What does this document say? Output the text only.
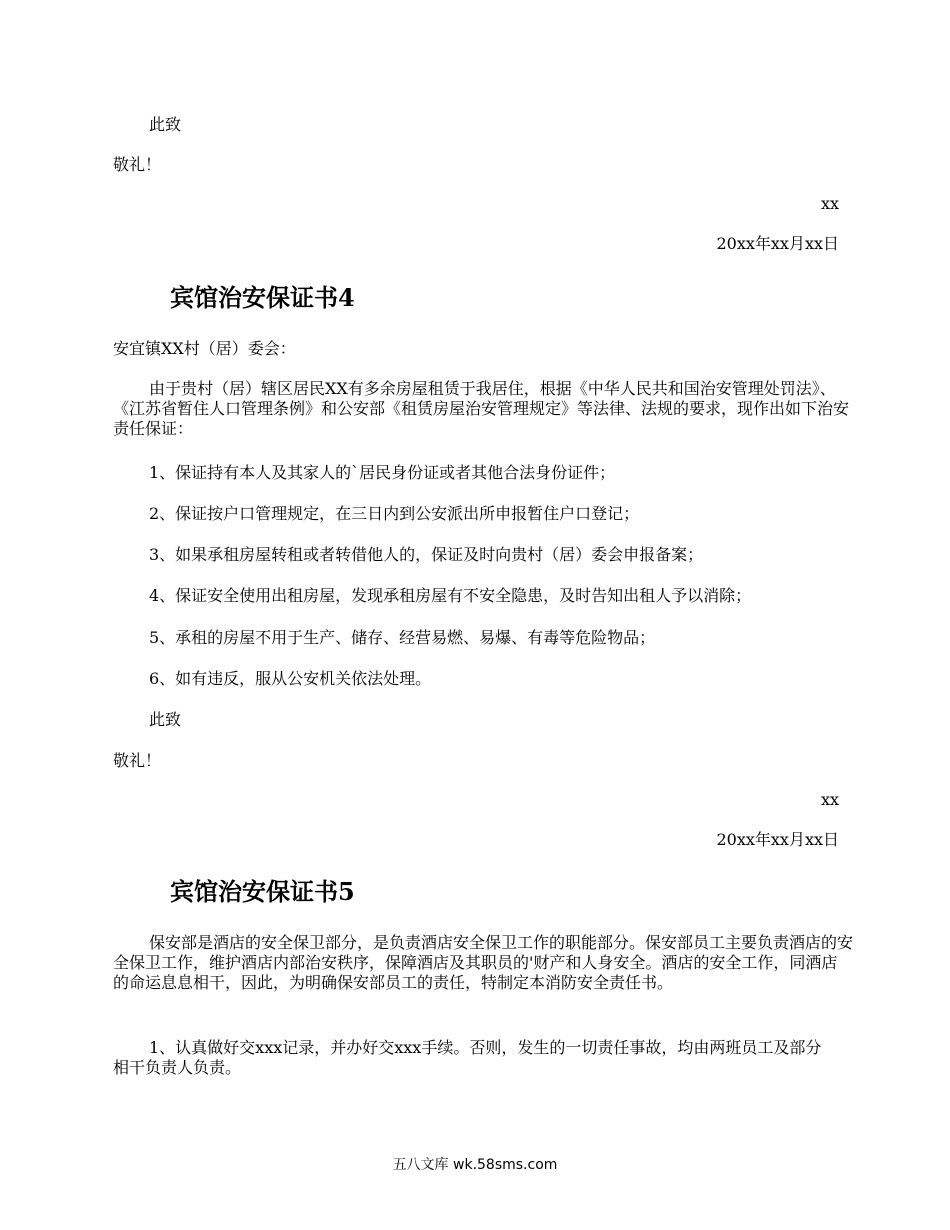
此致
敬礼！
xx
20xx年xx月xx日
宾馆治安保证书4
安宜镇XX村（居）委会：
由于贵村（居）辖区居民XX有多余房屋租赁于我居住，根据《中华人民共和国治安管理处罚法》、《江苏省暂住人口管理条例》和公安部《租赁房屋治安管理规定》等法律、法规的要求，现作出如下治安责任保证：
1、保证持有本人及其家人的`居民身份证或者其他合法身份证件；
2、保证按户口管理规定，在三日内到公安派出所申报暂住户口登记；
3、如果承租房屋转租或者转借他人的，保证及时向贵村（居）委会申报备案；
4、保证安全使用出租房屋，发现承租房屋有不安全隐患，及时告知出租人予以消除；
5、承租的房屋不用于生产、储存、经营易燃、易爆、有毒等危险物品；
6、如有违反，服从公安机关依法处理。
此致
敬礼！
xx
20xx年xx月xx日
宾馆治安保证书5
保安部是酒店的安全保卫部分，是负责酒店安全保卫工作的职能部分。保安部员工主要负责酒店的安全保卫工作，维护酒店内部治安秩序，保障酒店及其职员的'财产和人身安全。酒店的安全工作，同酒店的命运息息相干，因此，为明确保安部员工的责任，特制定本消防安全责任书。
1、认真做好交xxx记录，并办好交xxx手续。否则，发生的一切责任事故，均由两班员工及部分相干负责人负责。
五八文库 wk.58sms.com
